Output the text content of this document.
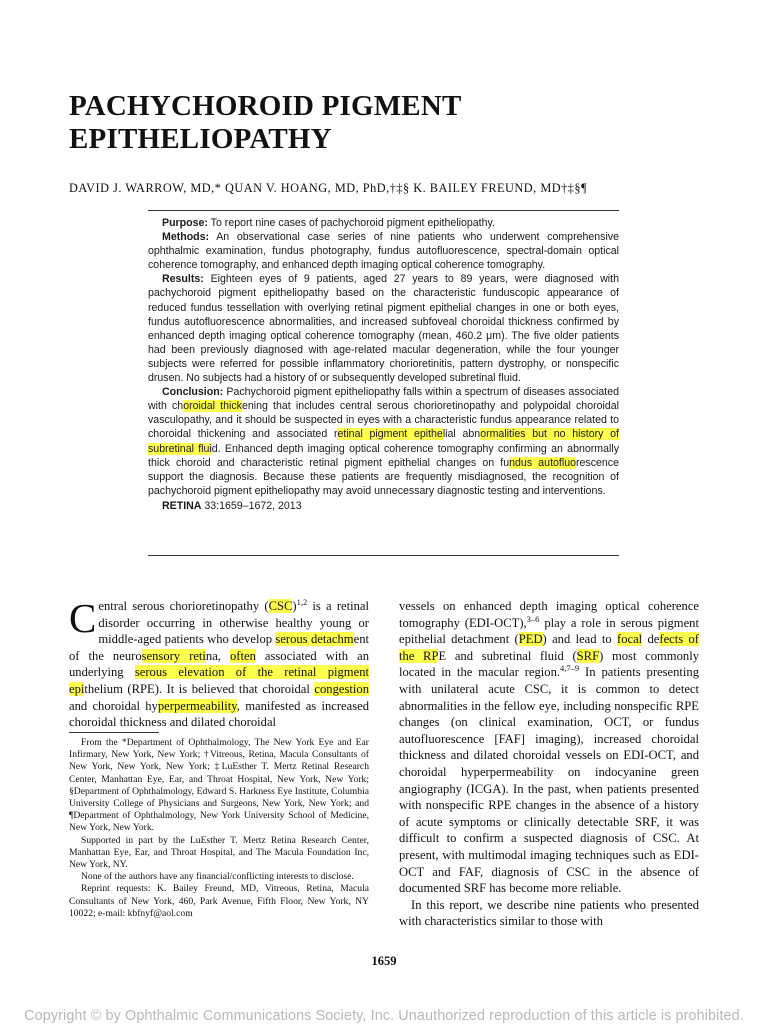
PACHYCHOROID PIGMENT EPITHELIOPATHY
DAVID J. WARROW, MD,* QUAN V. HOANG, MD, PhD,†‡§ K. BAILEY FREUND, MD†‡§¶

Purpose: To report nine cases of pachychoroid pigment epitheliopathy.

Methods: An observational case series of nine patients who underwent comprehensive ophthalmic examination, fundus photography, fundus autofluorescence, spectral-domain optical coherence tomography, and enhanced depth imaging optical coherence tomography.

Results: Eighteen eyes of 9 patients, aged 27 years to 89 years, were diagnosed with pachychoroid pigment epitheliopathy based on the characteristic funduscopic appearance of reduced fundus tessellation with overlying retinal pigment epithelial changes in one or both eyes, fundus autofluorescence abnormalities, and increased subfoveal choroidal thickness confirmed by enhanced depth imaging optical coherence tomography (mean, 460.2 μm). The five older patients had been previously diagnosed with age-related macular degeneration, while the four younger subjects were referred for possible inflammatory chorioretinitis, pattern dystrophy, or nonspecific drusen. No subjects had a history of or subsequently developed subretinal fluid.

Conclusion: Pachychoroid pigment epitheliopathy falls within a spectrum of diseases associated with choroidal thickening that includes central serous chorioretinopathy and polypoidal choroidal vasculopathy, and it should be suspected in eyes with a characteristic fundus appearance related to choroidal thickening and associated retinal pigment epithelial abnormalities but no history of subretinal fluid. Enhanced depth imaging optical coherence tomography confirming an abnormally thick choroid and characteristic retinal pigment epithelial changes on fundus autofluorescence support the diagnosis. Because these patients are frequently misdiagnosed, the recognition of pachychoroid pigment epitheliopathy may avoid unnecessary diagnostic testing and interventions.

RETINA 33:1659–1672, 2013

Central serous chorioretinopathy (CSC)$^{1,2}$ is a retinal disorder occurring in otherwise healthy young or middle-aged patients who develop serous detachment of the neurosensory retina, often associated with an underlying serous elevation of the retinal pigment epithelium (RPE). It is believed that choroidal congestion and choroidal hyperpermeability, manifested as increased choroidal thickness and dilated choroidal

From the *Department of Ophthalmology, The New York Eye and Ear Infirmary, New York, New York; †Vitreous, Retina, Macula Consultants of New York, New York, New York; ‡LuEsther T. Mertz Retinal Research Center, Manhattan Eye, Ear, and Throat Hospital, New York, New York; §Department of Ophthalmology, Edward S. Harkness Eye Institute, Columbia University College of Physicians and Surgeons, New York, New York; and ¶Department of Ophthalmology, New York University School of Medicine, New York, New York.

Supported in part by the LuEsther T. Mertz Retina Research Center, Manhattan Eye, Ear, and Throat Hospital, and The Macula Foundation Inc, New York, NY.

None of the authors have any financial/conflicting interests to disclose.

Reprint requests: K. Bailey Freund, MD, Vitreous, Retina, Macula Consultants of New York, 460, Park Avenue, Fifth Floor, New York, NY 10022; e-mail: kbfnyf@aol.com

vessels on enhanced depth imaging optical coherence tomography (EDI-OCT),$^{3-6}$ play a role in serous pigment epithelial detachment (PED) and lead to focal defects of the RPE and subretinal fluid (SRF) most commonly located in the macular region.$^{4,7-9}$ In patients presenting with unilateral acute CSC, it is common to detect abnormalities in the fellow eye, including nonspecific RPE changes (on clinical examination, OCT, or fundus autofluorescence [FAF] imaging), increased choroidal thickness and dilated choroidal vessels on EDI-OCT, and choroidal hyperpermeability on indocyanine green angiography (ICGA). In the past, when patients presented with nonspecific RPE changes in the absence of a history of acute symptoms or clinically detectable SRF, it was difficult to confirm a suspected diagnosis of CSC. At present, with multimodal imaging techniques such as EDI-OCT and FAF, diagnosis of CSC in the absence of documented SRF has become more reliable.

In this report, we describe nine patients who presented with characteristics similar to those with

1659
Copyright © by Ophthalmic Communications Society, Inc. Unauthorized reproduction of this article is prohibited.
